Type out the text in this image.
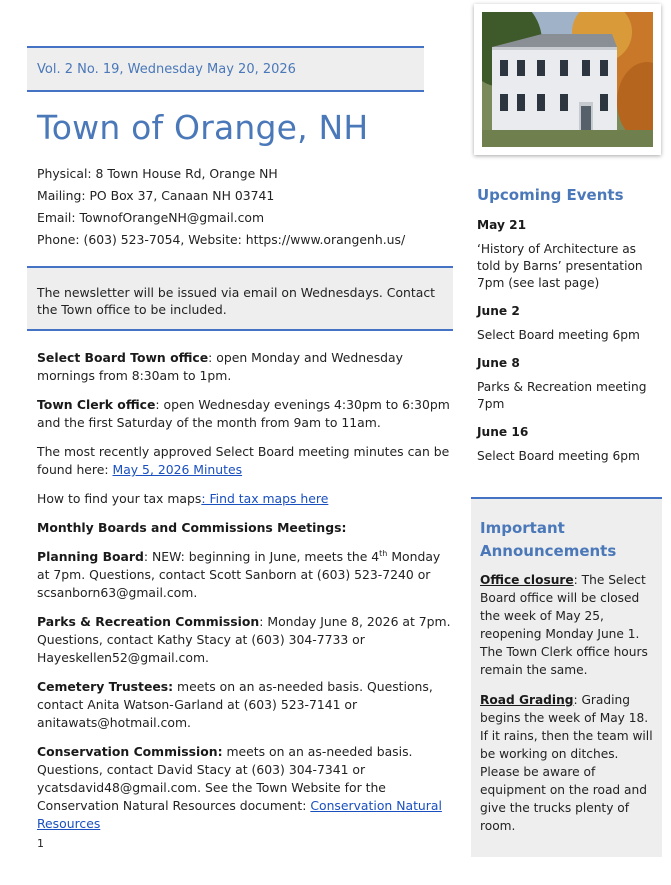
Vol. 2 No. 19, Wednesday May 20, 2026
Town of Orange, NH
Physical: 8 Town House Rd, Orange NH
Mailing: PO Box 37, Canaan NH 03741
Email: TownofOrangeNH@gmail.com
Phone: (603) 523-7054, Website: https://www.orangenh.us/
The newsletter will be issued via email on Wednesdays. Contact the Town office to be included.

Select Board Town office: open Monday and Wednesday mornings from 8:30am to 1pm.

Town Clerk office: open Wednesday evenings 4:30pm to 6:30pm and the first Saturday of the month from 9am to 11am.

The most recently approved Select Board meeting minutes can be found here: May 5, 2026 Minutes

How to find your tax maps: Find tax maps here

Monthly Boards and Commissions Meetings:

Planning Board: NEW: beginning in June, meets the 4th Monday at 7pm. Questions, contact Scott Sanborn at (603) 523-7240 or scsanborn63@gmail.com.

Parks & Recreation Commission: Monday June 8, 2026 at 7pm. Questions, contact Kathy Stacy at (603) 304-7733 or Hayeskellen52@gmail.com.

Cemetery Trustees: meets on an as-needed basis. Questions, contact Anita Watson-Garland at (603) 523-7141 or anitawats@hotmail.com.

Conservation Commission: meets on an as-needed basis. Questions, contact David Stacy at (603) 304-7341 or ycatsdavid48@gmail.com. See the Town Website for the Conservation Natural Resources document: Conservation Natural Resources

1
Upcoming Events
May 21
‘History of Architecture as told by Barns’ presentation 7pm (see last page)
June 2
Select Board meeting 6pm
June 8
Parks & Recreation meeting 7pm
June 16
Select Board meeting 6pm
Important Announcements

Office closure: The Select Board office will be closed the week of May 25, reopening Monday June 1. The Town Clerk office hours remain the same.

Road Grading: Grading begins the week of May 18. If it rains, then the team will be working on ditches. Please be aware of equipment on the road and give the trucks plenty of room.
